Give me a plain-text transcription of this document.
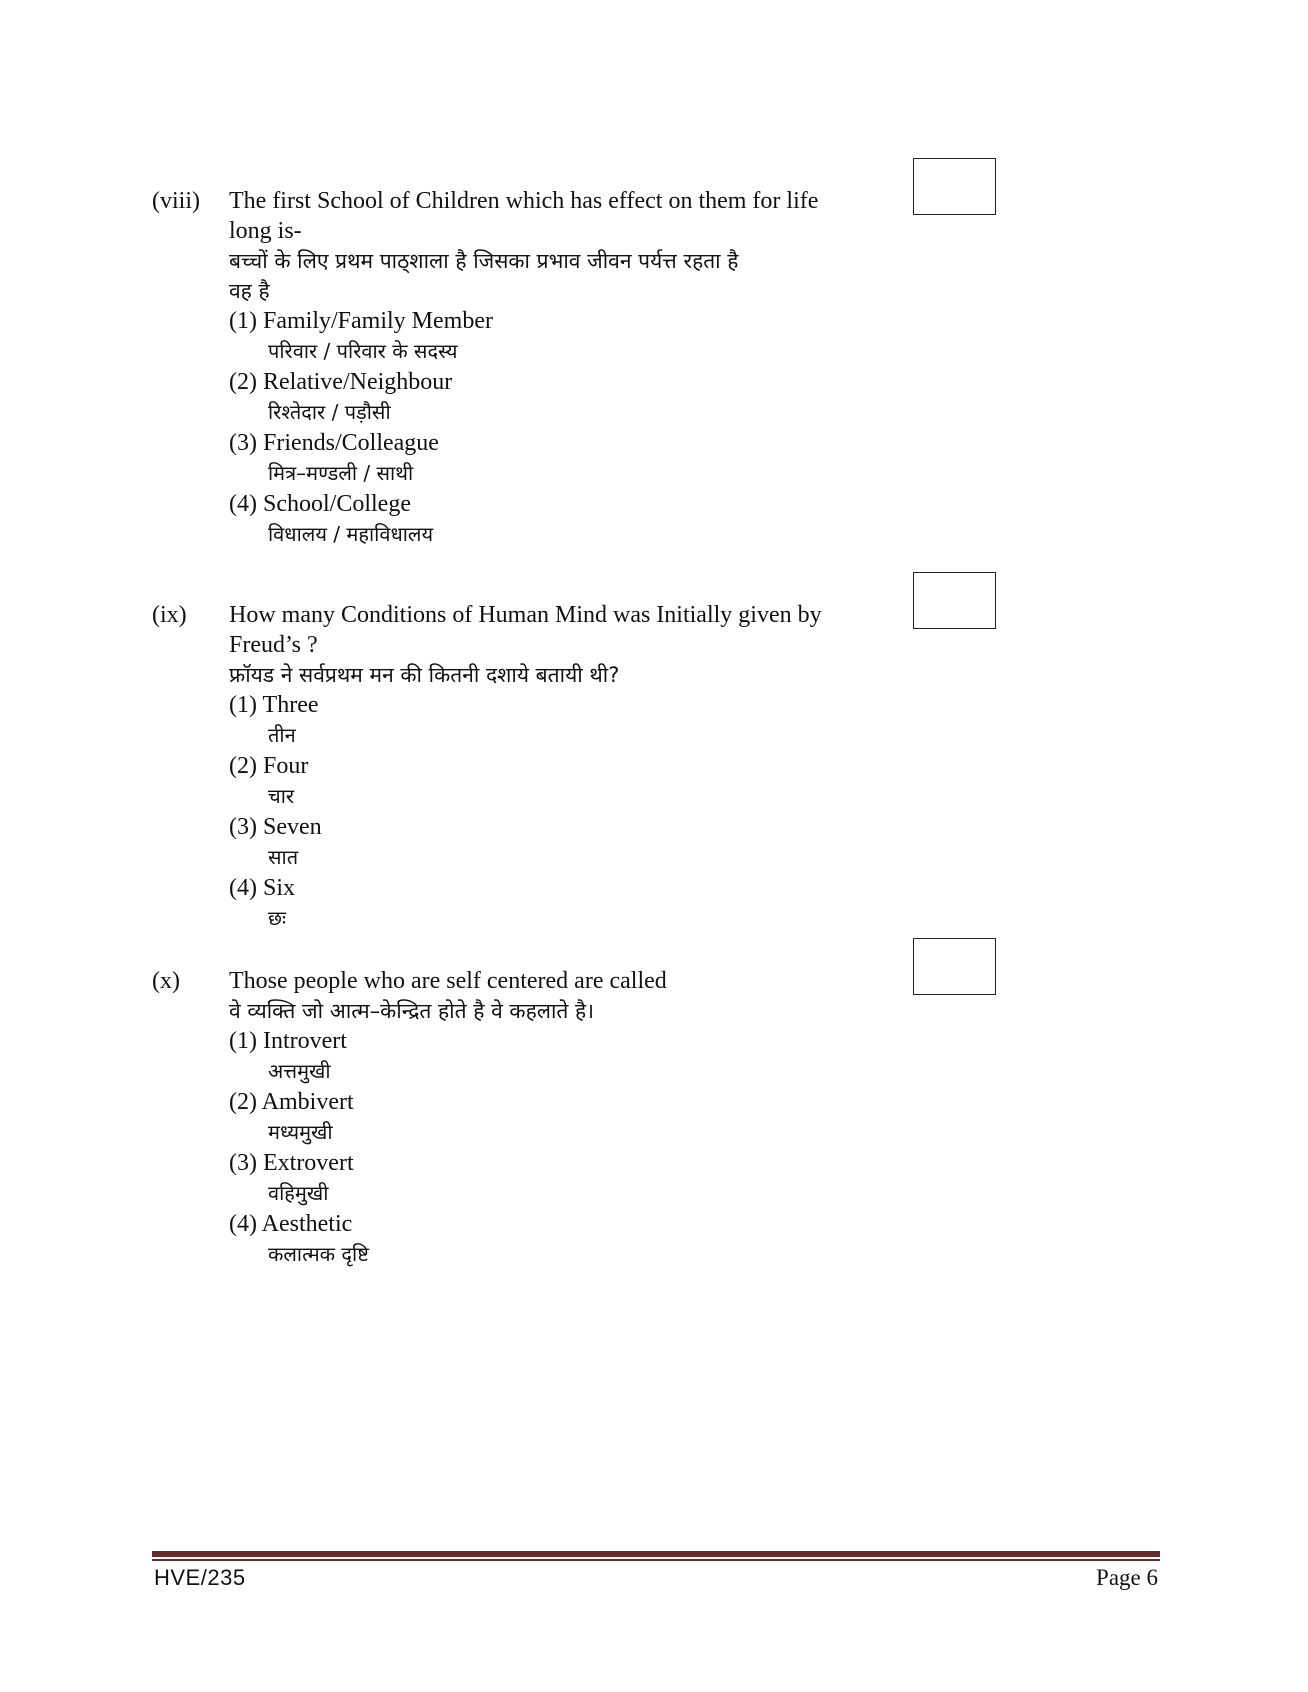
(viii) The first School of Children which has effect on them for life
long is-
बच्चों के लिए प्रथम पाठ्शाला है जिसका प्रभाव जीवन पर्यत्त रहता है
वह है
(1) Family/Family Member
परिवार / परिवार के सदस्य
(2) Relative/Neighbour
रिश्तेदार / पड़ौसी
(3) Friends/Colleague
मित्र–मण्डली / साथी
(4) School/College
विधालय / महाविधालय
(ix) How many Conditions of Human Mind was Initially given by
Freud’s ?
फ्रॉयड ने सर्वप्रथम मन की कितनी दशाये बतायी थी?
(1) Three
तीन
(2) Four
चार
(3) Seven
सात
(4) Six
छः
(x) Those people who are self centered are called
वे व्यक्ति जो आत्म–केन्द्रित होते है वे कहलाते है।
(1) Introvert
अत्तमुखी
(2) Ambivert
मध्यमुखी
(3) Extrovert
वहिमुखी
(4) Aesthetic
कलात्मक दृष्टि
HVE/235	Page 6
